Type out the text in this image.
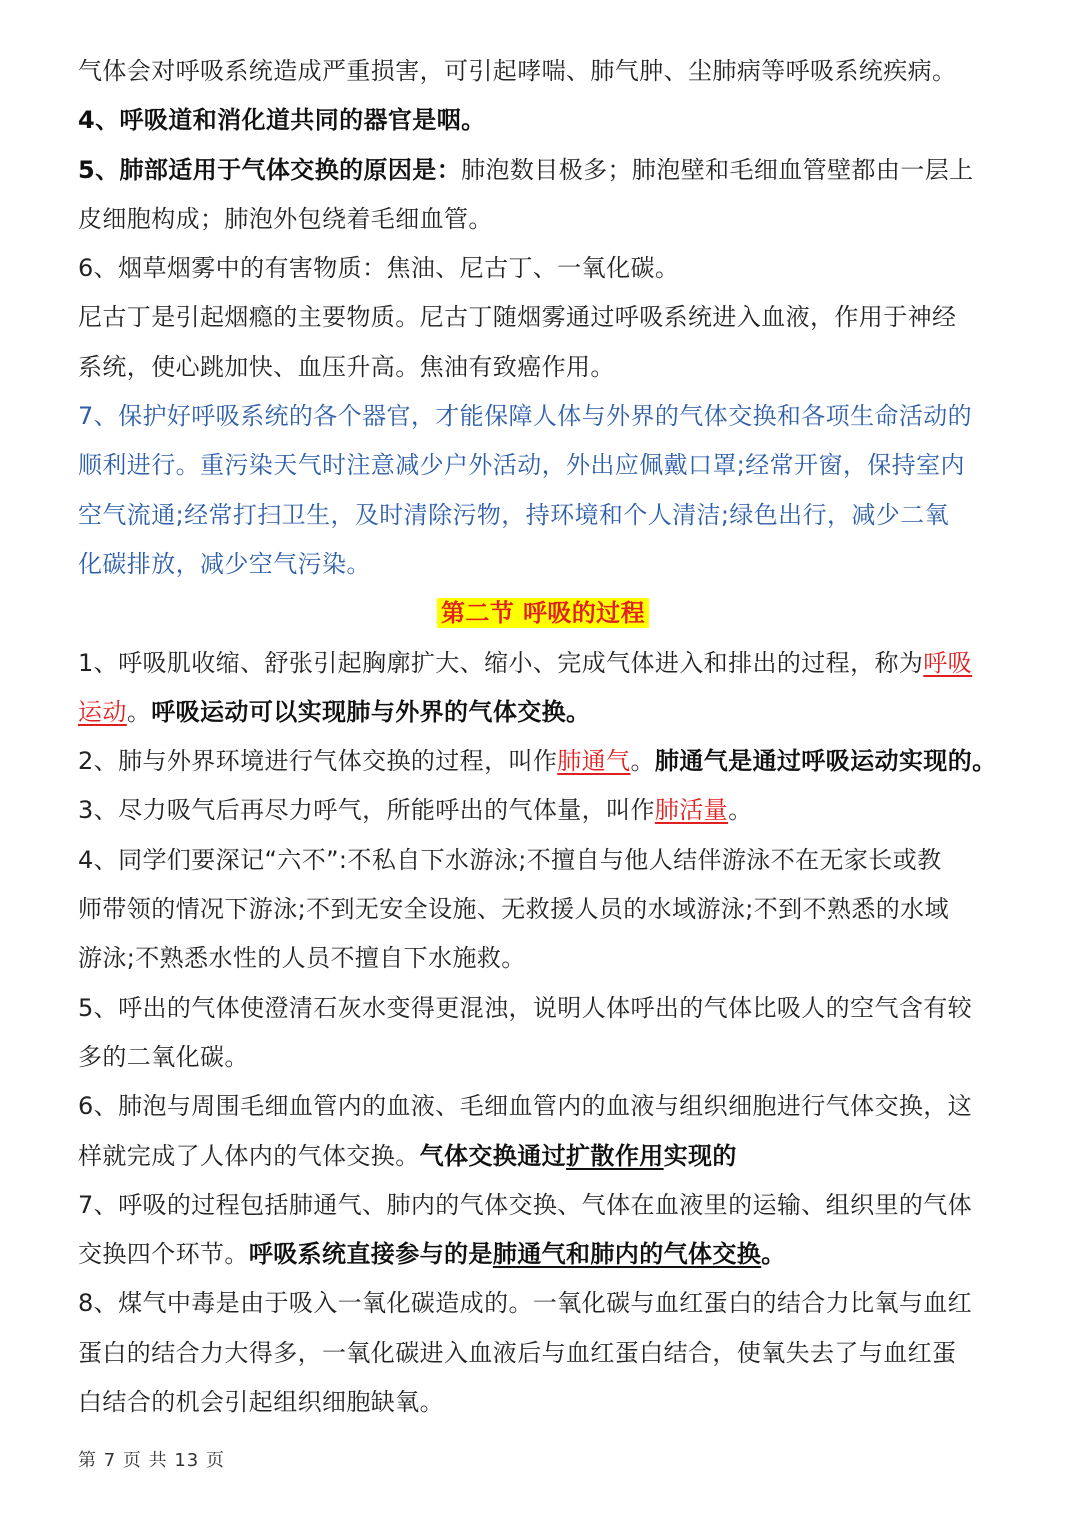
气体会对呼吸系统造成严重损害，可引起哮喘、肺气肿、尘肺病等呼吸系统疾病。
4、呼吸道和消化道共同的器官是咽。
5、肺部适用于气体交换的原因是：肺泡数目极多；肺泡壁和毛细血管壁都由一层上
皮细胞构成；肺泡外包绕着毛细血管。
6、烟草烟雾中的有害物质：焦油、尼古丁、一氧化碳。
尼古丁是引起烟瘾的主要物质。尼古丁随烟雾通过呼吸系统进入血液，作用于神经
系统，使心跳加快、血压升高。焦油有致癌作用。
7、保护好呼吸系统的各个器官，才能保障人体与外界的气体交换和各项生命活动的
顺利进行。重污染天气时注意减少户外活动，外出应佩戴口罩;经常开窗，保持室内
空气流通;经常打扫卫生，及时清除污物，持环境和个人清洁;绿色出行，减少二氧
化碳排放，减少空气污染。
第二节 呼吸的过程
1、呼吸肌收缩、舒张引起胸廓扩大、缩小、完成气体进入和排出的过程，称为呼吸
运动。呼吸运动可以实现肺与外界的气体交换。
2、肺与外界环境进行气体交换的过程，叫作肺通气。肺通气是通过呼吸运动实现的。
3、尽力吸气后再尽力呼气，所能呼出的气体量，叫作肺活量。
4、同学们要深记“六不”:不私自下水游泳;不擅自与他人结伴游泳不在无家长或教
师带领的情况下游泳;不到无安全设施、无救援人员的水域游泳;不到不熟悉的水域
游泳;不熟悉水性的人员不擅自下水施救。
5、呼出的气体使澄清石灰水变得更混浊，说明人体呼出的气体比吸人的空气含有较
多的二氧化碳。
6、肺泡与周围毛细血管内的血液、毛细血管内的血液与组织细胞进行气体交换，这
样就完成了人体内的气体交换。气体交换通过扩散作用实现的
7、呼吸的过程包括肺通气、肺内的气体交换、气体在血液里的运输、组织里的气体
交换四个环节。呼吸系统直接参与的是肺通气和肺内的气体交换。
8、煤气中毒是由于吸入一氧化碳造成的。一氧化碳与血红蛋白的结合力比氧与血红
蛋白的结合力大得多，一氧化碳进入血液后与血红蛋白结合，使氧失去了与血红蛋
白结合的机会引起组织细胞缺氧。
第 7 页 共 13 页
